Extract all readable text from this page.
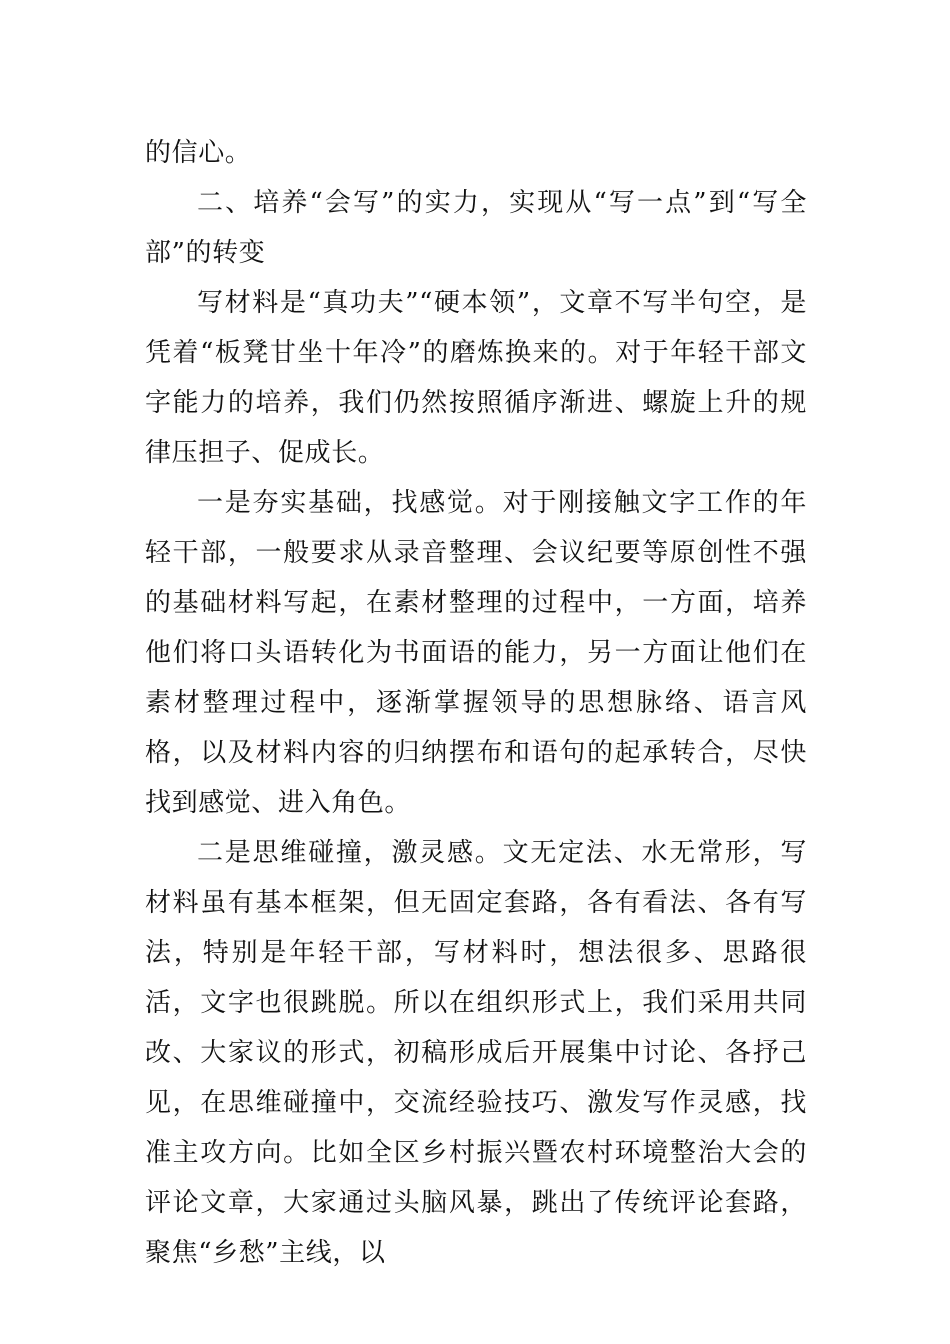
的信心。

二、培养“会写”的实力，实现从“写一点”到“写全部”的转变

写材料是“真功夫”“硬本领”，文章不写半句空，是凭着“板凳甘坐十年冷”的磨炼换来的。对于年轻干部文字能力的培养，我们仍然按照循序渐进、螺旋上升的规律压担子、促成长。

一是夯实基础，找感觉。对于刚接触文字工作的年轻干部，一般要求从录音整理、会议纪要等原创性不强的基础材料写起，在素材整理的过程中，一方面，培养他们将口头语转化为书面语的能力，另一方面让他们在素材整理过程中，逐渐掌握领导的思想脉络、语言风格，以及材料内容的归纳摆布和语句的起承转合，尽快找到感觉、进入角色。

二是思维碰撞，激灵感。文无定法、水无常形，写材料虽有基本框架，但无固定套路，各有看法、各有写法，特别是年轻干部，写材料时，想法很多、思路很活，文字也很跳脱。所以在组织形式上，我们采用共同改、大家议的形式，初稿形成后开展集中讨论、各抒己见，在思维碰撞中，交流经验技巧、激发写作灵感，找准主攻方向。比如全区乡村振兴暨农村环境整治大会的评论文章，大家通过头脑风暴，跳出了传统评论套路，聚焦“乡愁”主线，以
